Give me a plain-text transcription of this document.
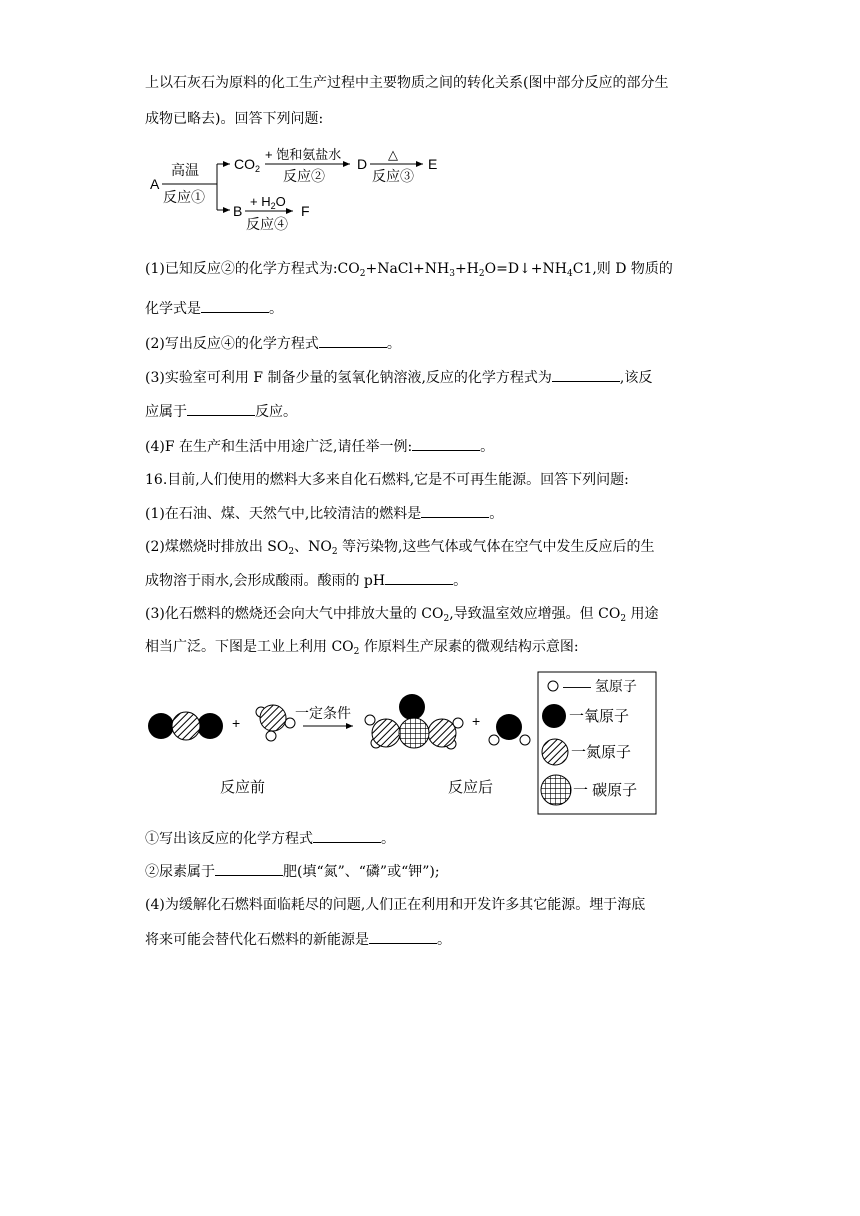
上以石灰石为原料的化工生产过程中主要物质之间的转化关系(图中部分反应的部分生
成物已略去)。回答下列问题:
A
高温
反应①
$CO_2$
+ 饱和氨盐水
反应②
D
△
反应③
E
B
+ $H_2O$
反应④
F
(1)已知反应②的化学方程式为$:CO_2+NaCl+NH_3+H_2O=D↓+NH_4C1$,则 D 物质的
化学式是	。
(2)写出反应④的化学方程式	。
(3)实验室可利用 F 制备少量的氢氧化钠溶液,反应的化学方程式为	,该反
应属于	反应。
(4)F 在生产和生活中用途广泛,请任举一例:	。
16.目前,人们使用的燃料大多来自化石燃料,它是不可再生能源。回答下列问题:
(1)在石油、煤、天然气中,比较清洁的燃料是	。
(2)煤燃烧时排放出 $SO_2$、$NO_2$ 等污染物,这些气体或气体在空气中发生反应后的生
成物溶于雨水,会形成酸雨。酸雨的 pH	。
(3)化石燃料的燃烧还会向大气中排放大量的 $CO_2$,导致温室效应增强。但 $CO_2$ 用途
相当广泛。下图是工业上利用 $CO_2$ 作原料生产尿素的微观结构示意图:
+
一定条件	+
反应前	反应后
—— 氢原子
一氧原子
一氮原子
一 碳原子
①写出该反应的化学方程式	。
②尿素属于	肥(填“氮”、“磷”或“钾”);
(4)为缓解化石燃料面临耗尽的问题,人们正在利用和开发许多其它能源。埋于海底
将来可能会替代化石燃料的新能源是	。
